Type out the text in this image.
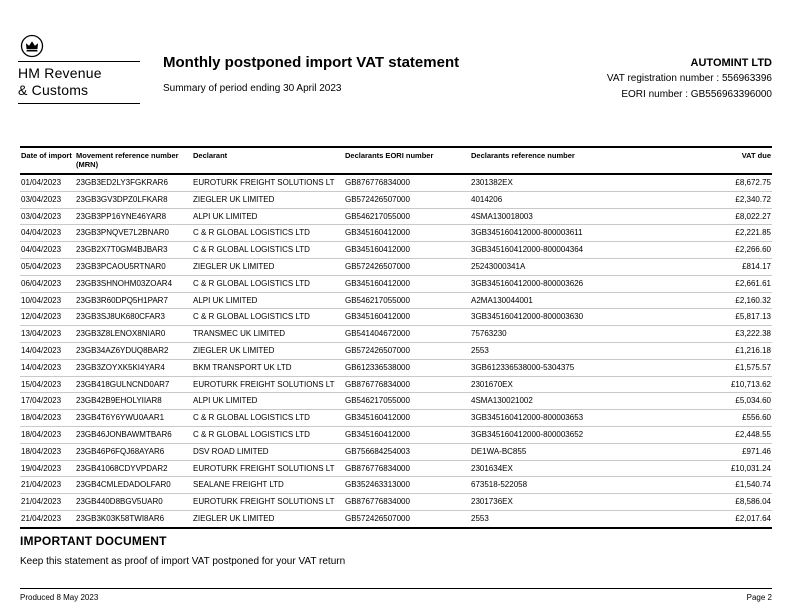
HM Revenue
& Customs
Monthly postponed import VAT statement
Summary of period ending 30 April 2023
AUTOMINT LTD
VAT registration number : 556963396
EORI number : GB556963396000
Date of import	Movement reference number (MRN)	Declarant	Declarants EORI number	Declarants reference number	VAT due
01/04/2023	23GB3ED2LY3FGKRAR6	EUROTURK FREIGHT SOLUTIONS LT	GB876776834000	2301382EX	£8,672.75
03/04/2023	23GB3GV3DPZ0LFKAR8	ZIEGLER UK LIMITED	GB572426507000	4014206	£2,340.72
03/04/2023	23GB3PP16YNE46YAR8	ALPI UK LIMITED	GB546217055000	4SMA130018003	£8,022.27
04/04/2023	23GB3PNQVE7L2BNAR0	C & R GLOBAL LOGISTICS LTD	GB345160412000	3GB345160412000-800003611	£2,221.85
04/04/2023	23GB2X7T0GM4BJBAR3	C & R GLOBAL LOGISTICS LTD	GB345160412000	3GB345160412000-800004364	£2,266.60
05/04/2023	23GB3PCAOU5RTNAR0	ZIEGLER UK LIMITED	GB572426507000	25243000341A	£814.17
06/04/2023	23GB3SHNOHM03ZOAR4	C & R GLOBAL LOGISTICS LTD	GB345160412000	3GB345160412000-800003626	£2,661.61
10/04/2023	23GB3R60DPQ5H1PAR7	ALPI UK LIMITED	GB546217055000	A2MA130044001	£2,160.32
12/04/2023	23GB3SJ8UK680CFAR3	C & R GLOBAL LOGISTICS LTD	GB345160412000	3GB345160412000-800003630	£5,817.13
13/04/2023	23GB3Z8LENOX8NIAR0	TRANSMEC UK LIMITED	GB541404672000	75763230	£3,222.38
14/04/2023	23GB34AZ6YDUQ8BAR2	ZIEGLER UK LIMITED	GB572426507000	2553	£1,216.18
14/04/2023	23GB3ZOYXK5KI4YAR4	BKM TRANSPORT UK LTD	GB612336538000	3GB612336538000-5304375	£1,575.57
15/04/2023	23GB418GULNCND0AR7	EUROTURK FREIGHT SOLUTIONS LT	GB876776834000	2301670EX	£10,713.62
17/04/2023	23GB42B9EHOLYIIAR8	ALPI UK LIMITED	GB546217055000	4SMA130021002	£5,034.60
18/04/2023	23GB4T6Y6YWU0AAR1	C & R GLOBAL LOGISTICS LTD	GB345160412000	3GB345160412000-800003653	£556.60
18/04/2023	23GB46JONBAWMTBAR6	C & R GLOBAL LOGISTICS LTD	GB345160412000	3GB345160412000-800003652	£2,448.55
18/04/2023	23GB46P6FQJ68AYAR6	DSV ROAD LIMITED	GB756684254003	DE1WA-BC855	£971.46
19/04/2023	23GB41068CDYVPDAR2	EUROTURK FREIGHT SOLUTIONS LT	GB876776834000	2301634EX	£10,031.24
21/04/2023	23GB4CMLEDADOLFAR0	SEALANE FREIGHT LTD	GB352463313000	673518-522058	£1,540.74
21/04/2023	23GB440D8BGV5UAR0	EUROTURK FREIGHT SOLUTIONS LT	GB876776834000	2301736EX	£8,586.04
21/04/2023	23GB3K03K58TWI8AR6	ZIEGLER UK LIMITED	GB572426507000	2553	£2,017.64
IMPORTANT DOCUMENT
Keep this statement as proof of import VAT postponed for your VAT return
Produced 8 May 2023	Page 2
